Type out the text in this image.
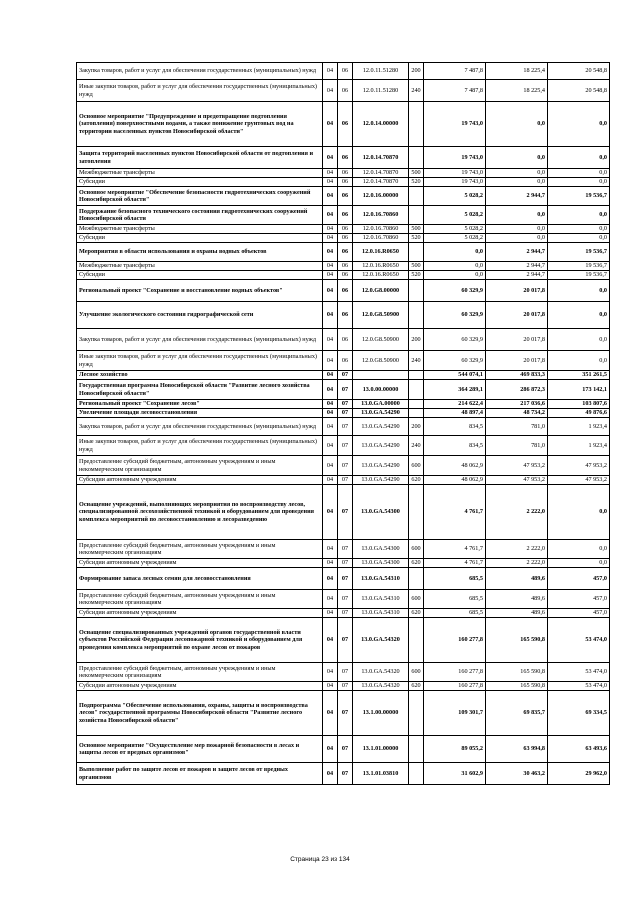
Закупка товаров, работ и услуг для обеспечения государственных (муниципальных) нужд	04	06	12.0.11.51280	200	7 487,8	18 225,4	20 548,8
Иные закупки товаров, работ и услуг для обеспечения государственных (муниципальных) нужд	04	06	12.0.11.51280	240	7 487,8	18 225,4	20 548,8
Основное мероприятие "Предупреждение и предотвращение подтопления (затопления) поверхностными водами, а также понижение грунтовых вод на территории населенных пунктов Новосибирской области"	04	06	12.0.14.00000		19 743,0	0,0	0,0
Защита территорий населенных пунктов Новосибирской области от подтопления и затопления	04	06	12.0.14.70870		19 743,0	0,0	0,0
Межбюджетные трансферты	04	06	12.0.14.70870	500	19 743,0	0,0	0,0
Субсидии	04	06	12.0.14.70870	520	19 743,0	0,0	0,0
Основное мероприятие "Обеспечение безопасности гидротехнических сооружений Новосибирской области"	04	06	12.0.16.00000		5 028,2	2 944,7	19 536,7
Поддержание безопасного технического состояния гидротехнических сооружений Новосибирской области	04	06	12.0.16.70860		5 028,2	0,0	0,0
Межбюджетные трансферты	04	06	12.0.16.70860	500	5 028,2	0,0	0,0
Субсидии	04	06	12.0.16.70860	520	5 028,2	0,0	0,0
Мероприятия в области использования и охраны водных объектов	04	06	12.0.16.R0650		0,0	2 944,7	19 536,7
Межбюджетные трансферты	04	06	12.0.16.R0650	500	0,0	2 944,7	19 536,7
Субсидии	04	06	12.0.16.R0650	520	0,0	2 944,7	19 536,7
Региональный проект "Сохранение и восстановление водных объектов"	04	06	12.0.G8.00000		60 329,9	20 017,8	0,0
Улучшение экологического состояния гидрографической сети	04	06	12.0.G8.50900		60 329,9	20 017,8	0,0
Закупка товаров, работ и услуг для обеспечения государственных (муниципальных) нужд	04	06	12.0.G8.50900	200	60 329,9	20 017,8	0,0
Иные закупки товаров, работ и услуг для обеспечения государственных (муниципальных) нужд	04	06	12.0.G8.50900	240	60 329,9	20 017,8	0,0
Лесное хозяйство	04	07			544 074,1	469 833,3	351 261,5
Государственная программа Новосибирской области "Развитие лесного хозяйства Новосибирской области"	04	07	13.0.00.00000		364 289,1	286 872,3	173 142,1
Региональный проект "Сохранение лесов"	04	07	13.0.GA.00000		214 622,4	217 036,6	103 807,6
Увеличение площади лесовосстановления	04	07	13.0.GA.54290		48 897,4	48 734,2	49 876,6
Закупка товаров, работ и услуг для обеспечения государственных (муниципальных) нужд	04	07	13.0.GA.54290	200	834,5	781,0	1 923,4
Иные закупки товаров, работ и услуг для обеспечения государственных (муниципальных) нужд	04	07	13.0.GA.54290	240	834,5	781,0	1 923,4
Предоставление субсидий бюджетным, автономным учреждениям и иным некоммерческим организациям	04	07	13.0.GA.54290	600	48 062,9	47 953,2	47 953,2
Субсидии автономным учреждениям	04	07	13.0.GA.54290	620	48 062,9	47 953,2	47 953,2
Оснащение учреждений, выполняющих мероприятия по воспроизводству лесов, специализированной лесохозяйственной техникой и оборудованием для проведения комплекса мероприятий по лесовосстановлению и лесоразведению	04	07	13.0.GA.54300		4 761,7	2 222,0	0,0
Предоставление субсидий бюджетным, автономным учреждениям и иным некоммерческим организациям	04	07	13.0.GA.54300	600	4 761,7	2 222,0	0,0
Субсидии автономным учреждениям	04	07	13.0.GA.54300	620	4 761,7	2 222,0	0,0
Формирование запаса лесных семян для лесовосстановления	04	07	13.0.GA.54310		685,5	489,6	457,0
Предоставление субсидий бюджетным, автономным учреждениям и иным некоммерческим организациям	04	07	13.0.GA.54310	600	685,5	489,6	457,0
Субсидии автономным учреждениям	04	07	13.0.GA.54310	620	685,5	489,6	457,0
Оснащение специализированных учреждений органов государственной власти субъектов Российской Федерации лесопожарной техникой и оборудованием для проведения комплекса мероприятий по охране лесов от пожаров	04	07	13.0.GA.54320		160 277,8	165 590,8	53 474,0
Предоставление субсидий бюджетным, автономным учреждениям и иным некоммерческим организациям	04	07	13.0.GA.54320	600	160 277,8	165 590,8	53 474,0
Субсидии автономным учреждениям	04	07	13.0.GA.54320	620	160 277,8	165 590,8	53 474,0
Подпрограмма "Обеспечение использования, охраны, защиты и воспроизводства лесов" государственной программы Новосибирской области "Развитие лесного хозяйства Новосибирской области"	04	07	13.1.00.00000		109 301,7	69 835,7	69 334,5
Основное мероприятие "Осуществление мер пожарной безопасности в лесах и защиты лесов от вредных организмов"	04	07	13.1.01.00000		89 055,2	63 994,8	63 493,6
Выполнение работ по защите лесов от пожаров и защите лесов от вредных организмов	04	07	13.1.01.03810		31 602,9	30 463,2	29 962,0
Страница 23 из 134
